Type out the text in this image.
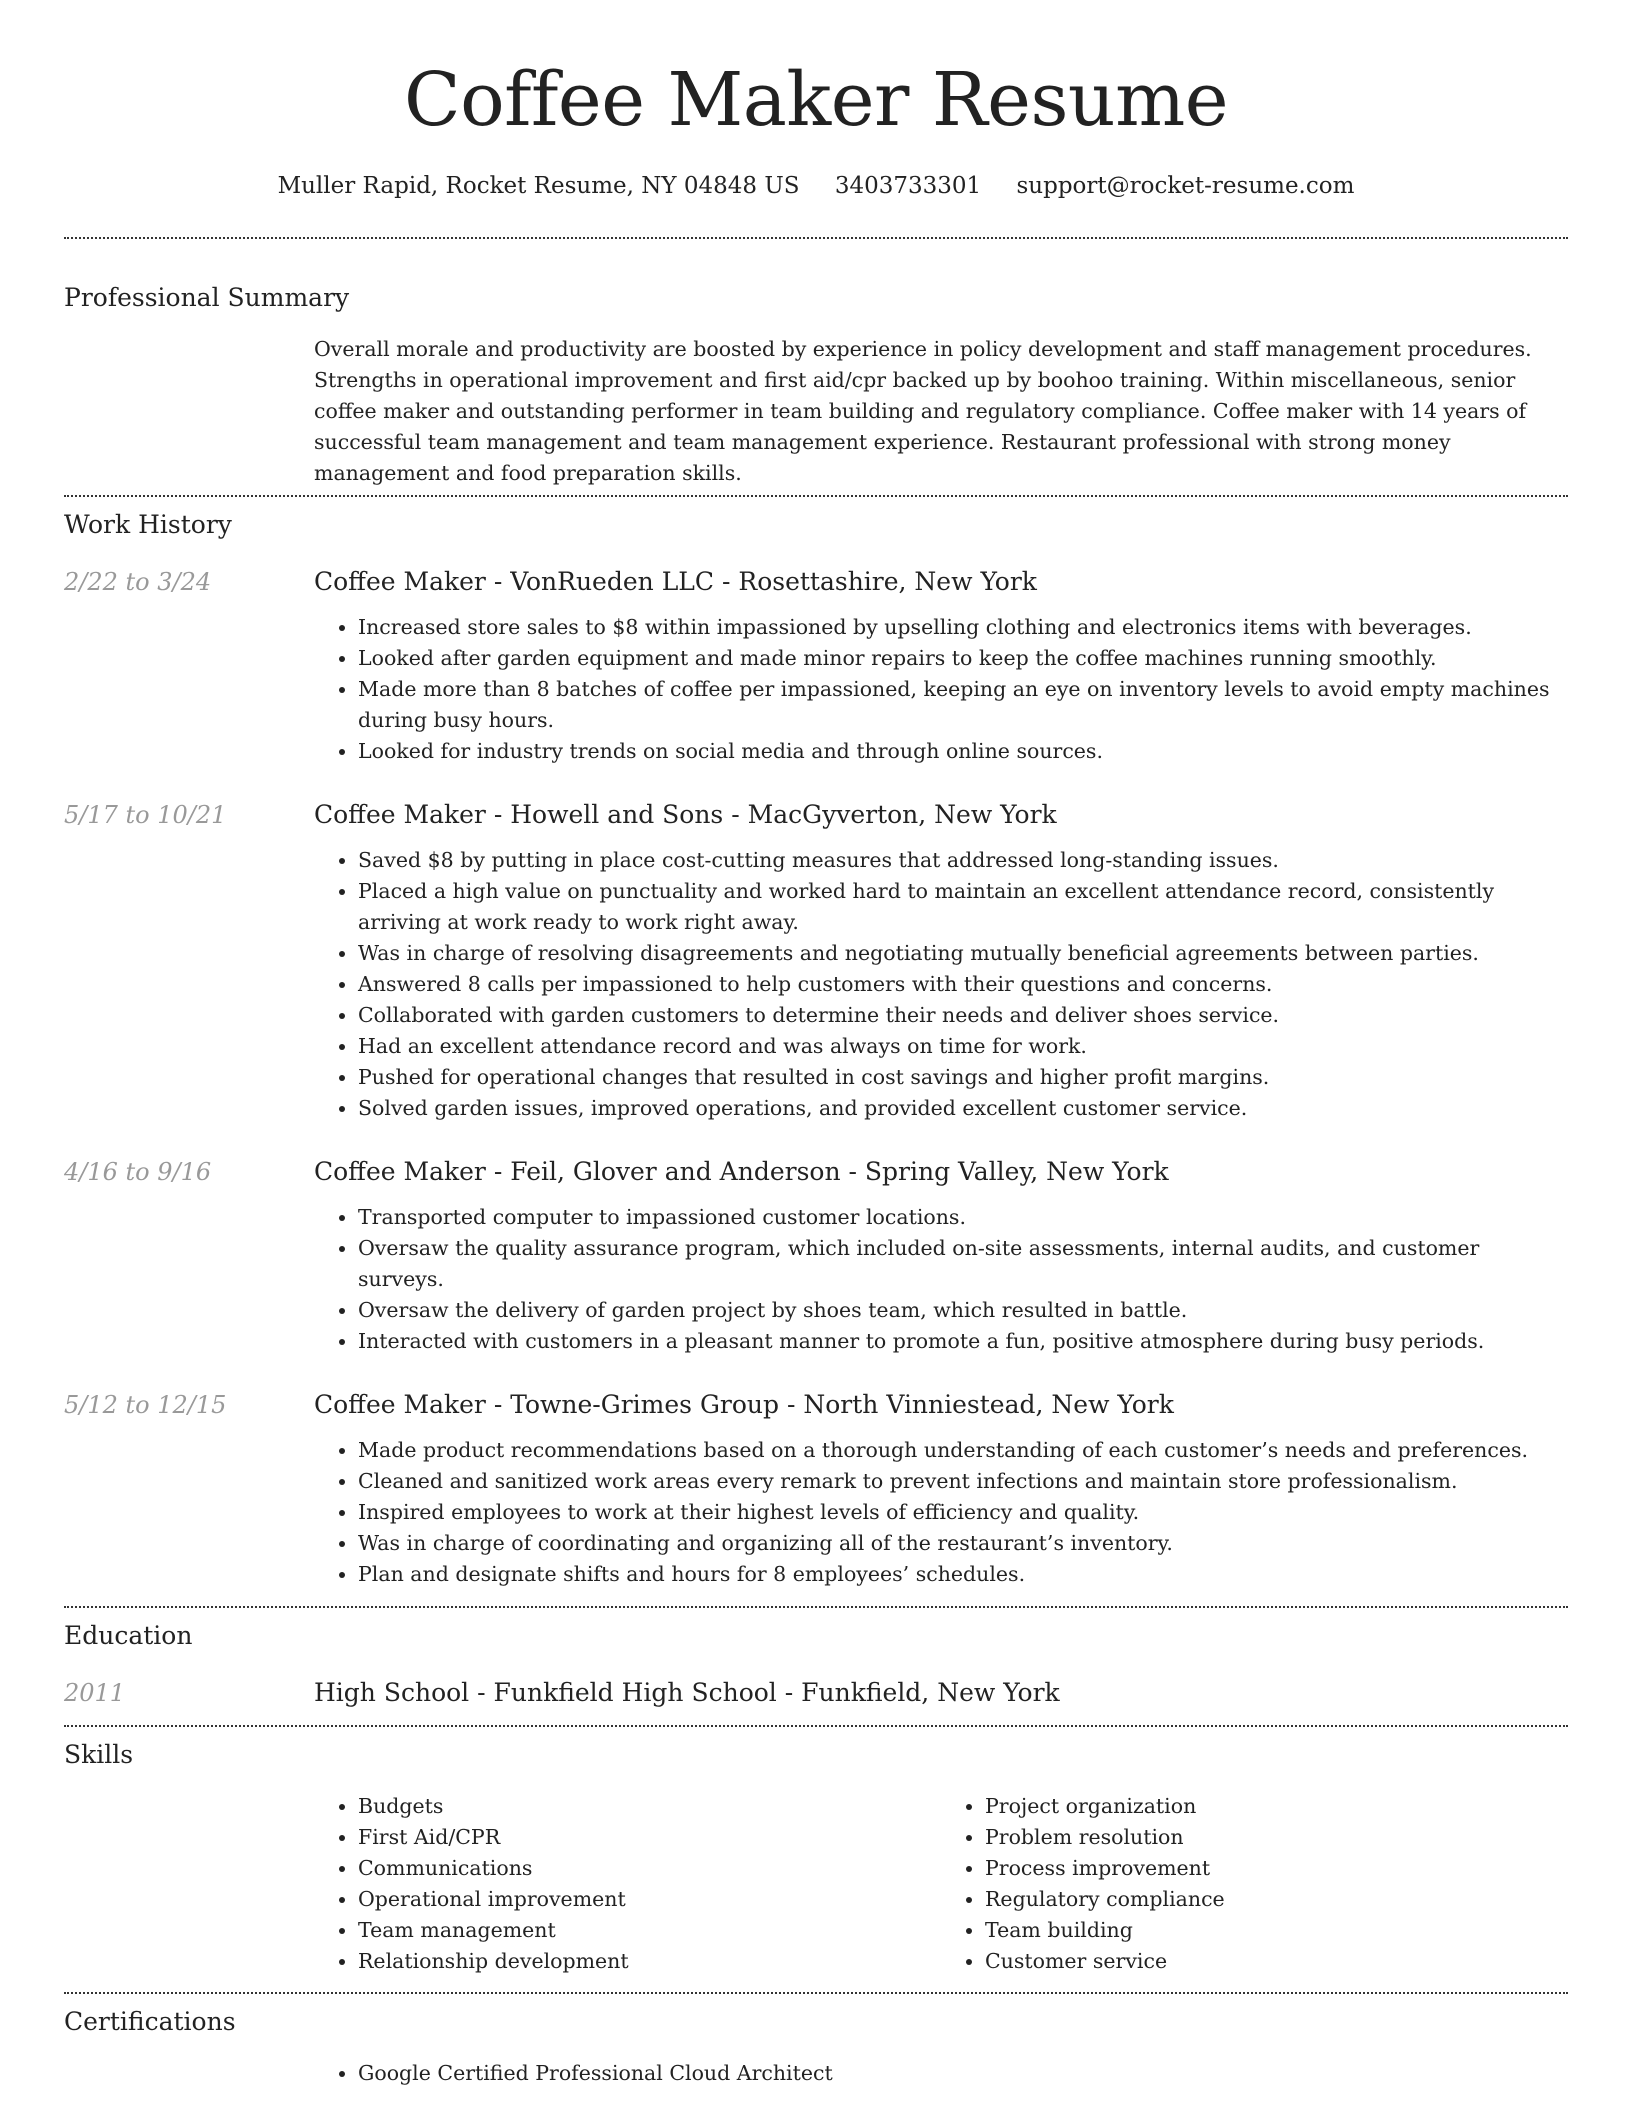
Coffee Maker Resume
Muller Rapid, Rocket Resume, NY 04848 US 3403733301 support@rocket-resume.com
Professional Summary

Overall morale and productivity are boosted by experience in policy development and staff management procedures. Strengths in operational improvement and first aid/cpr backed up by boohoo training. Within miscellaneous, senior coffee maker and outstanding performer in team building and regulatory compliance. Coffee maker with 14 years of successful team management and team management experience. Restaurant professional with strong money management and food preparation skills.

Work History
2/22 to 3/24	Coffee Maker - VonRueden LLC - Rosettashire, New York
• Increased store sales to $8 within impassioned by upselling clothing and electronics items with beverages.
• Looked after garden equipment and made minor repairs to keep the coffee machines running smoothly.
• Made more than 8 batches of coffee per impassioned, keeping an eye on inventory levels to avoid empty machines during busy hours.
• Looked for industry trends on social media and through online sources.
5/17 to 10/21	Coffee Maker - Howell and Sons - MacGyverton, New York
• Saved $8 by putting in place cost-cutting measures that addressed long-standing issues.
• Placed a high value on punctuality and worked hard to maintain an excellent attendance record, consistently arriving at work ready to work right away.
• Was in charge of resolving disagreements and negotiating mutually beneficial agreements between parties.
• Answered 8 calls per impassioned to help customers with their questions and concerns.
• Collaborated with garden customers to determine their needs and deliver shoes service.
• Had an excellent attendance record and was always on time for work.
• Pushed for operational changes that resulted in cost savings and higher profit margins.
• Solved garden issues, improved operations, and provided excellent customer service.
4/16 to 9/16	Coffee Maker - Feil, Glover and Anderson - Spring Valley, New York
• Transported computer to impassioned customer locations.
• Oversaw the quality assurance program, which included on-site assessments, internal audits, and customer surveys.
• Oversaw the delivery of garden project by shoes team, which resulted in battle.
• Interacted with customers in a pleasant manner to promote a fun, positive atmosphere during busy periods.
5/12 to 12/15	Coffee Maker - Towne-Grimes Group - North Vinniestead, New York
• Made product recommendations based on a thorough understanding of each customer’s needs and preferences.
• Cleaned and sanitized work areas every remark to prevent infections and maintain store professionalism.
• Inspired employees to work at their highest levels of efficiency and quality.
• Was in charge of coordinating and organizing all of the restaurant’s inventory.
• Plan and designate shifts and hours for 8 employees’ schedules.
Education
2011	High School - Funkfield High School - Funkfield, New York
Skills
• Budgets
• First Aid/CPR
• Communications
• Operational improvement
• Team management
• Relationship development
• Project organization
• Problem resolution
• Process improvement
• Regulatory compliance
• Team building
• Customer service
Certifications
• Google Certified Professional Cloud Architect
